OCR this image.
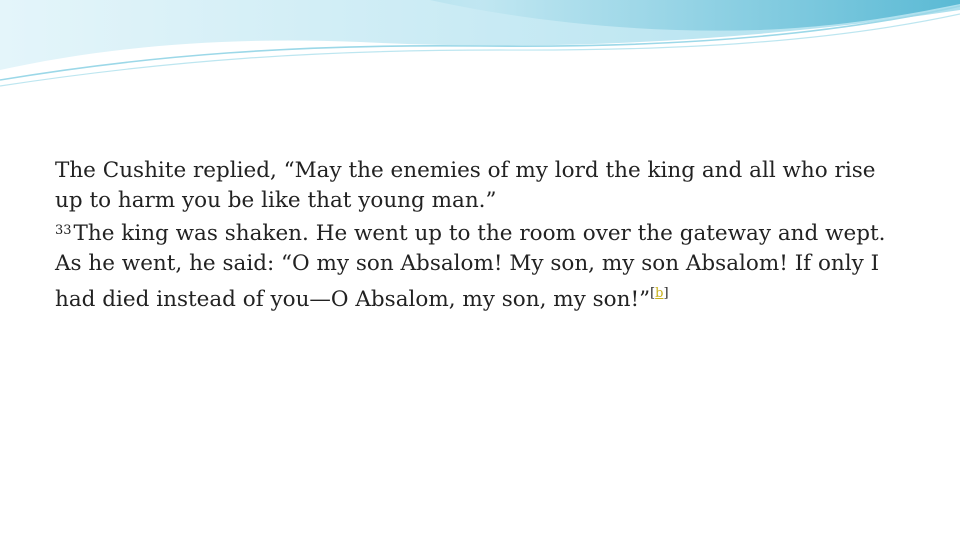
The Cushite replied, “May the enemies of my lord the king and all who rise

up to harm you be like that young man.”

$^{33}$The king was shaken. He went up to the room over the gateway and wept.

As he went, he said: “O my son Absalom! My son, my son Absalom! If only I

had died instead of you—O Absalom, my son, my son!”[b]
